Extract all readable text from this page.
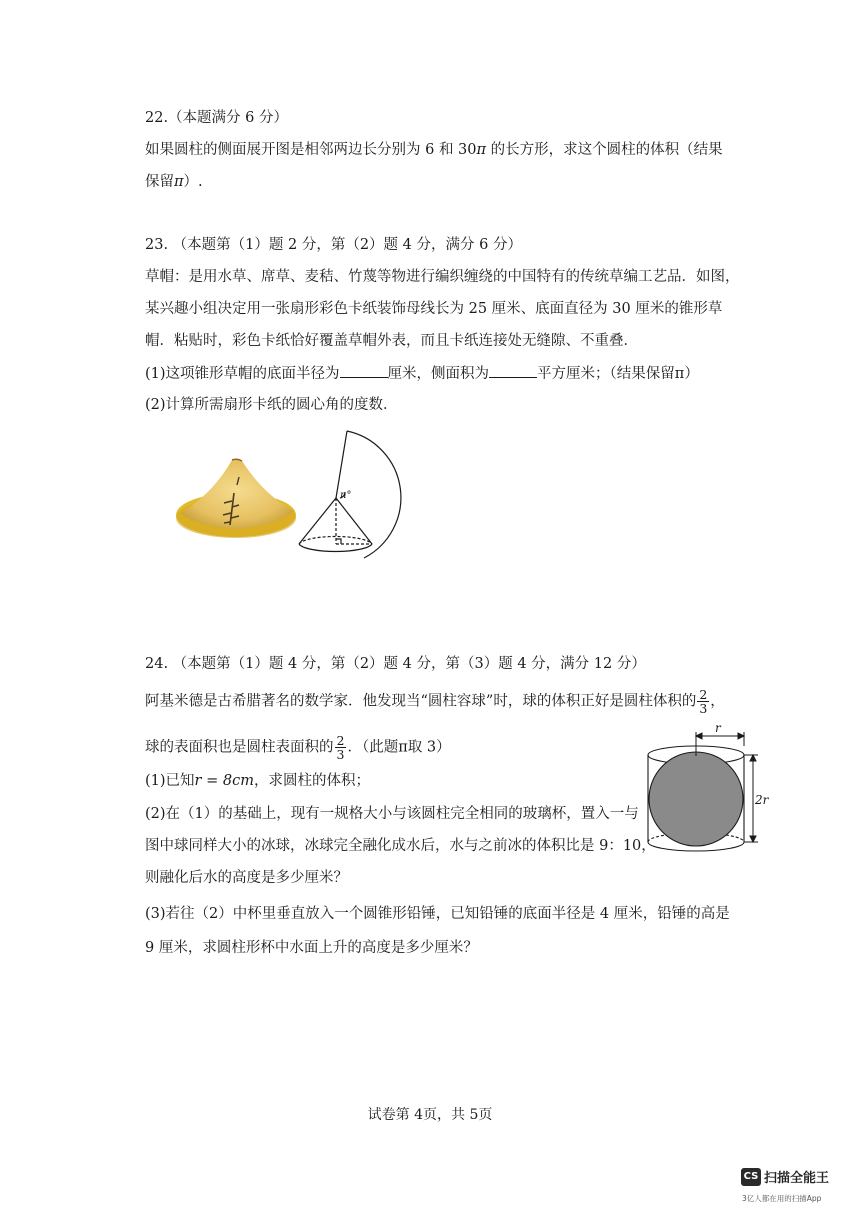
22.（本题满分 6 分）
如果圆柱的侧面展开图是相邻两边长分别为 6 和 30π 的长方形，求这个圆柱的体积（结果
保留π）.
23. （本题第（1）题 2 分，第（2）题 4 分，满分 6 分）
草帽：是用水草、席草、麦秸、竹蔑等物进行编织缠绕的中国特有的传统草编工艺品．如图，
某兴趣小组决定用一张扇形彩色卡纸装饰母线长为 25 厘米、底面直径为 30 厘米的锥形草
帽．粘贴时，彩色卡纸恰好覆盖草帽外表，而且卡纸连接处无缝隙、不重叠．
(1)这项锥形草帽的底面半径为	厘米，侧面积为	平方厘米；（结果保留π）
(2)计算所需扇形卡纸的圆心角的度数．
n°
24. （本题第（1）题 4 分，第（2）题 4 分，第（3）题 4 分，满分 12 分）
阿基米德是古希腊著名的数学家．他发现当“圆柱容球”时，球的体积正好是圆柱体积的 $\frac{2}{3}$ ，
球的表面积也是圆柱表面积的 $\frac{2}{3}$ ．（此题π取 3）
(1)已知r = 8cm，求圆柱的体积；
(2)在（1）的基础上，现有一规格大小与该圆柱完全相同的玻璃杯，置入一与
图中球同样大小的冰球，冰球完全融化成水后，水与之前冰的体积比是 9：10，
则融化后水的高度是多少厘米？
(3)若往（2）中杯里垂直放入一个圆锥形铅锤，已知铅锤的底面半径是 4 厘米，铅锤的高是
9 厘米，求圆柱形杯中水面上升的高度是多少厘米？
r
2r
试卷第 4页，共 5页
CS 扫描全能王
3亿人都在用的扫描App
